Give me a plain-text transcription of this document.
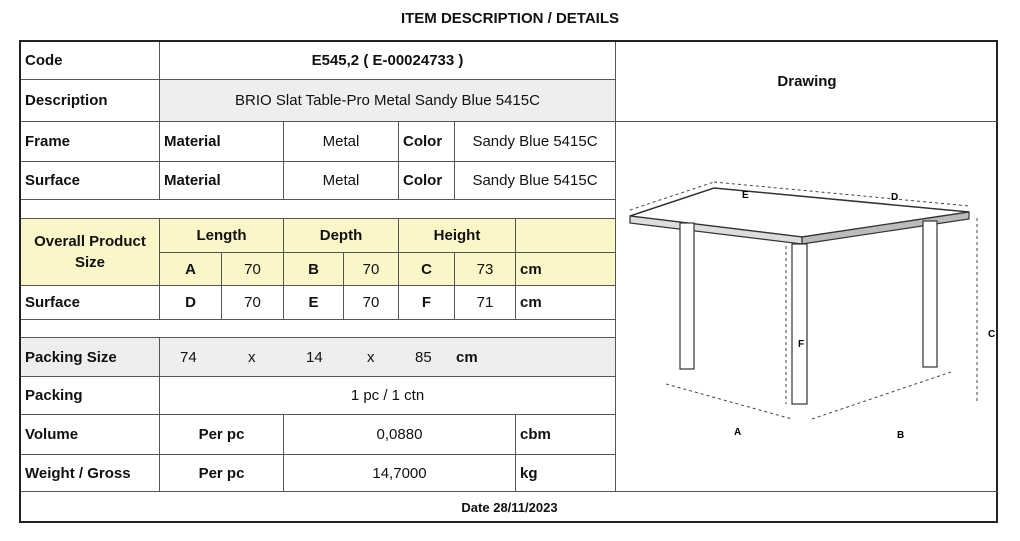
ITEM DESCRIPTION / DETAILS
Code	E545,2 ( E-00024733 )
Drawing
Description	BRIO Slat Table-Pro Metal Sandy Blue 5415C
Frame	Material	Metal	Color	Sandy Blue 5415C
Surface	Material	Metal	Color	Sandy Blue 5415C
Overall Product Size
Length	Depth	Height
A	70	B	70	C	73	cm
Surface	D	70	E	70	F	71	cm
Packing Size	74	x	14	x	85 cm
Packing	1 pc / 1 ctn
Volume	Per pc	0,0880	cbm
Weight / Gross	Per pc	14,7000	kg
Date 28/11/2023
E	D
C
F
A	B
